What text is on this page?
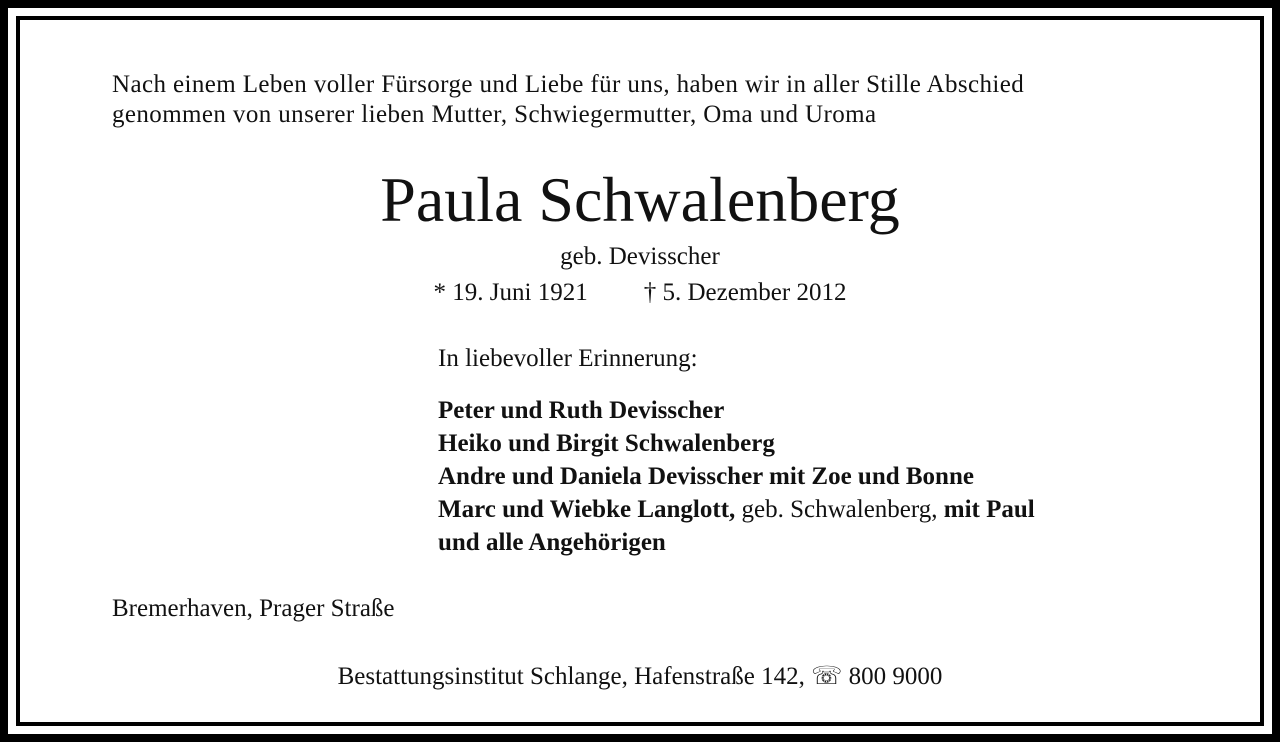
Nach einem Leben voller Fürsorge und Liebe für uns, haben wir in aller Stille Abschied
genommen von unserer lieben Mutter, Schwiegermutter, Oma und Uroma

Paula Schwalenberg
geb. Devisscher
* 19. Juni 1921 † 5. Dezember 2012
In liebevoller Erinnerung:
Peter und Ruth Devisscher
Heiko und Birgit Schwalenberg
Andre und Daniela Devisscher mit Zoe und Bonne
Marc und Wiebke Langlott, geb. Schwalenberg, mit Paul
und alle Angehörigen
Bremerhaven, Prager Straße
Bestattungsinstitut Schlange, Hafenstraße 142, ☏ 800 9000
